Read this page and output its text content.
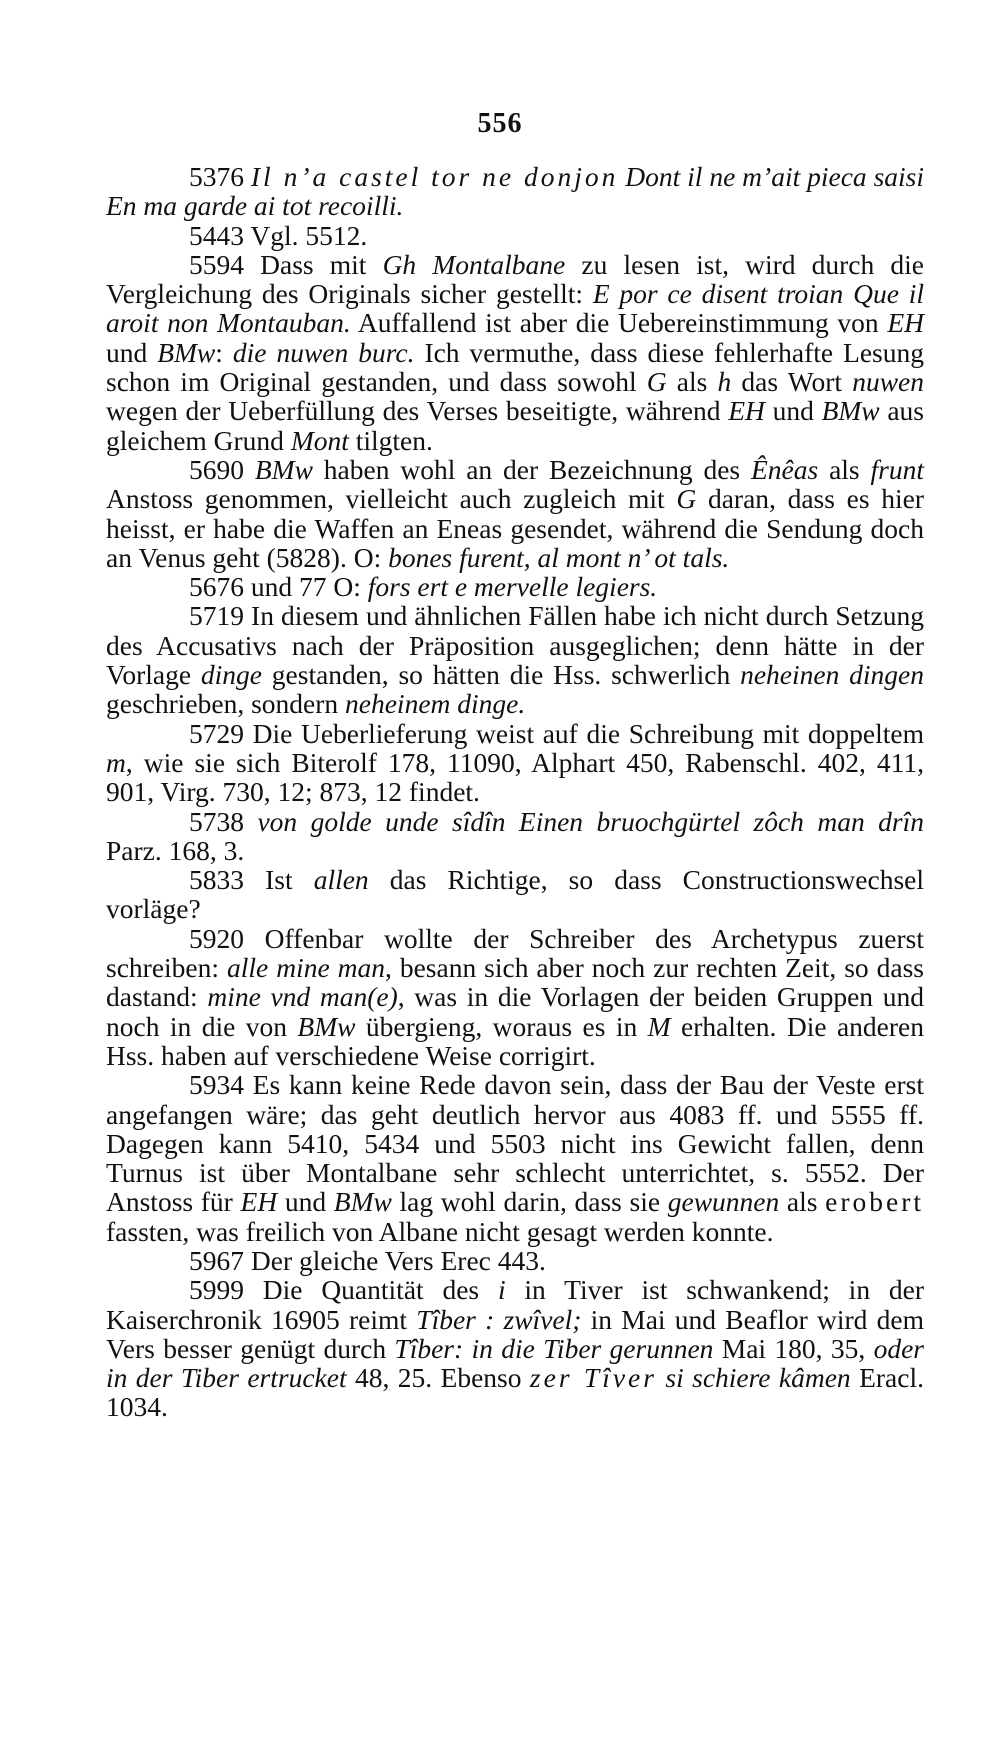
556

5376 Il n’a castel tor ne donjon Dont il ne m’ait pieca saisi En ma garde ai tot recoilli.

5443 Vgl. 5512.

5594 Dass mit Gh Montalbane zu lesen ist, wird durch die Vergleichung des Originals sicher gestellt: E por ce disent troian Que il aroit non Montauban. Auffallend ist aber die Uebereinstimmung von EH und BMw: die nuwen burc. Ich vermuthe, dass diese fehlerhafte Lesung schon im Original gestanden, und dass sowohl G als h das Wort nuwen wegen der Ueberfüllung des Verses beseitigte, während EH und BMw aus gleichem Grund Mont tilgten.

5690 BMw haben wohl an der Bezeichnung des Ênêas als frunt Anstoss genommen, vielleicht auch zugleich mit G daran, dass es hier heisst, er habe die Waffen an Eneas gesendet, während die Sendung doch an Venus geht (5828). O: bones furent, al mont n’ ot tals.

5676 und 77 O: fors ert e mervelle legiers.

5719 In diesem und ähnlichen Fällen habe ich nicht durch Setzung des Accusativs nach der Präposition ausgeglichen; denn hätte in der Vorlage dinge gestanden, so hätten die Hss. schwerlich neheinen dingen geschrieben, sondern neheinem dinge.

5729 Die Ueberlieferung weist auf die Schreibung mit doppeltem m, wie sie sich Biterolf 178, 11090, Alphart 450, Rabenschl. 402, 411, 901, Virg. 730, 12; 873, 12 findet.

5738 von golde unde sîdîn Einen bruochgürtel zôch man drîn Parz. 168, 3.

5833 Ist allen das Richtige, so dass Constructionswechsel vorläge?

5920 Offenbar wollte der Schreiber des Archetypus zuerst schreiben: alle mine man, besann sich aber noch zur rechten Zeit, so dass dastand: mine vnd man(e), was in die Vorlagen der beiden Gruppen und noch in die von BMw übergieng, woraus es in M erhalten. Die anderen Hss. haben auf verschiedene Weise corrigirt.

5934 Es kann keine Rede davon sein, dass der Bau der Veste erst angefangen wäre; das geht deutlich hervor aus 4083 ff. und 5555 ff. Dagegen kann 5410, 5434 und 5503 nicht ins Gewicht fallen, denn Turnus ist über Montalbane sehr schlecht unterrichtet, s. 5552. Der Anstoss für EH und BMw lag wohl darin, dass sie gewunnen als erobert fassten, was freilich von Albane nicht gesagt werden konnte.

5967 Der gleiche Vers Erec 443.

5999 Die Quantität des i in Tiver ist schwankend; in der Kaiserchronik 16905 reimt Tîber : zwîvel; in Mai und Beaflor wird dem Vers besser genügt durch Tîber: in die Tiber gerunnen Mai 180, 35, oder in der Tiber ertrucket 48, 25. Ebenso zer Tîver si schiere kâmen Eracl. 1034.
